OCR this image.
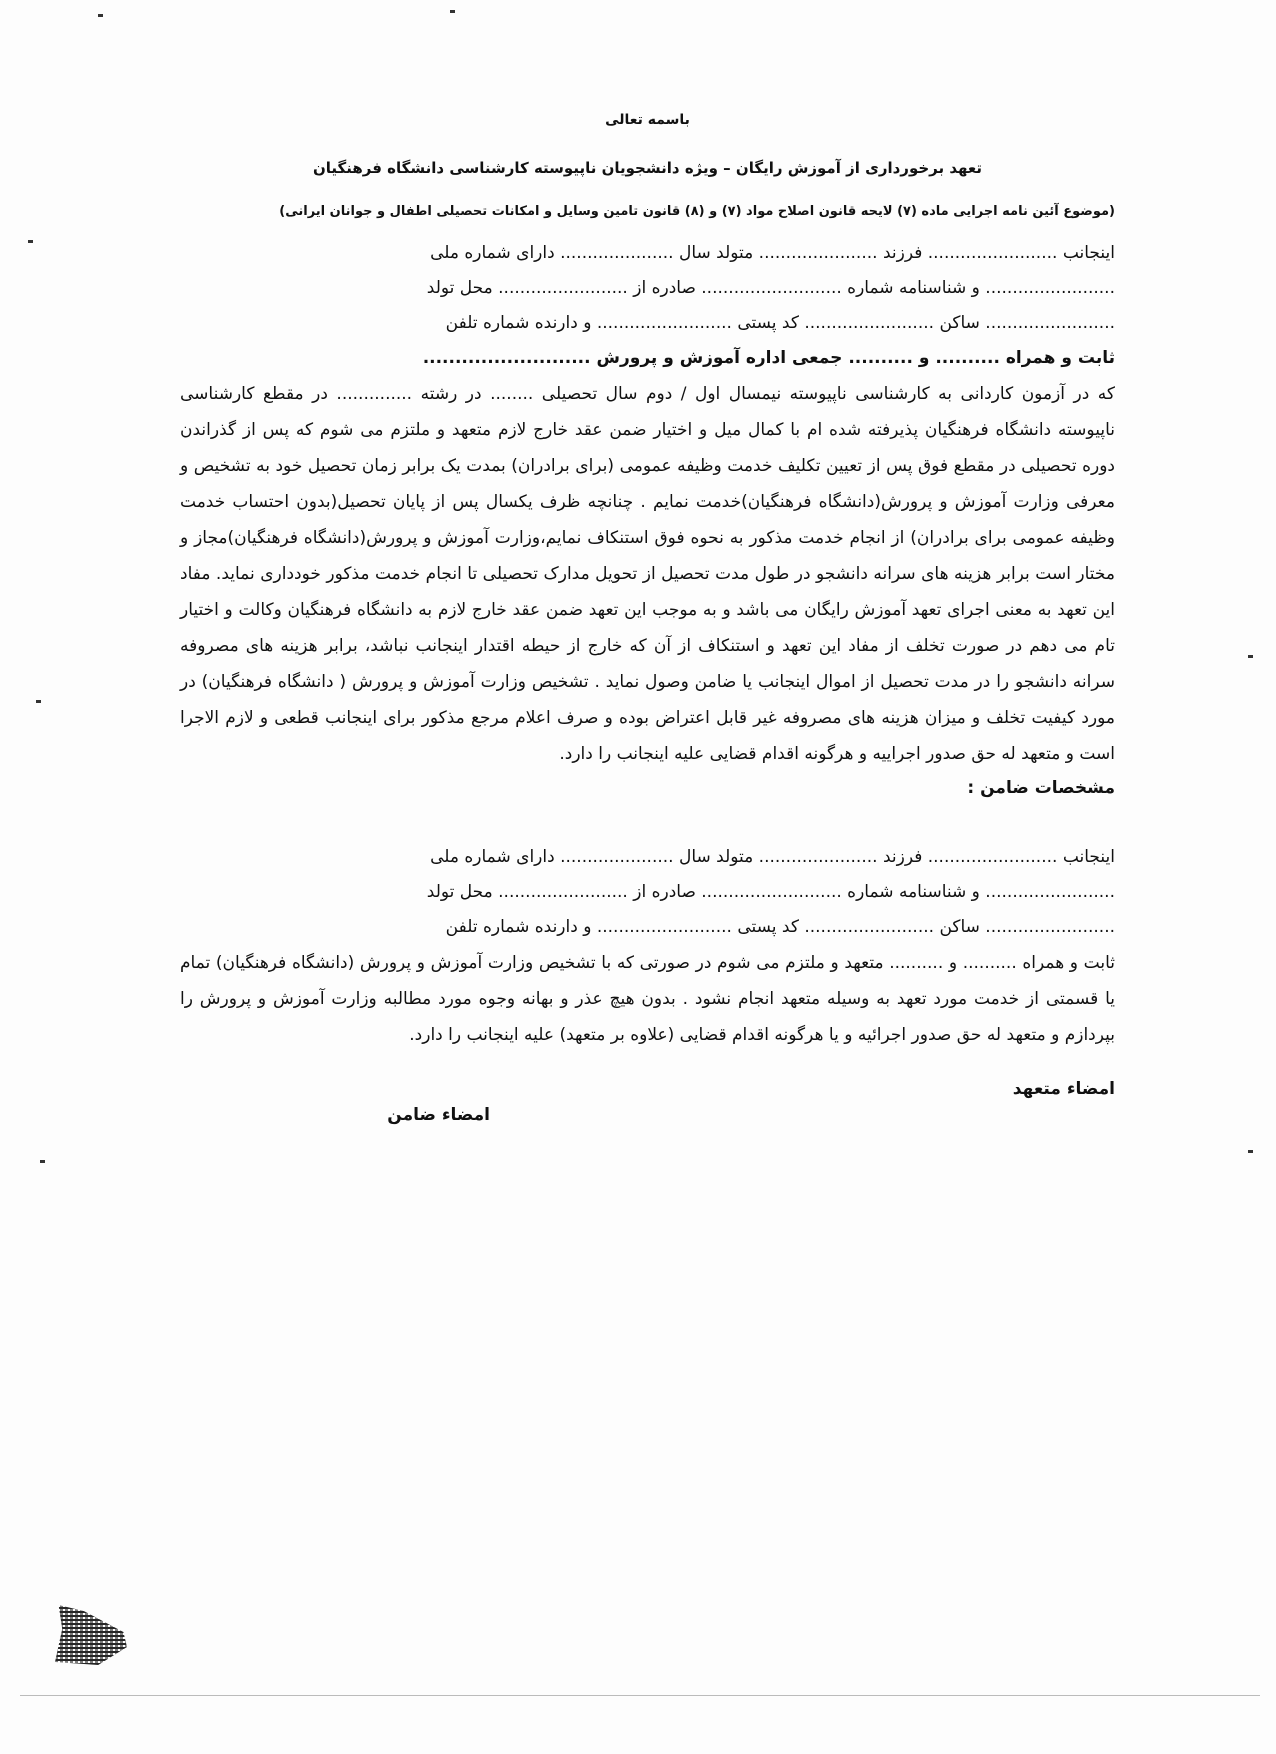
باسمه تعالی
تعهد برخورداری از آموزش رایگان – ویژه دانشجویان ناپیوسته کارشناسی دانشگاه فرهنگیان
(موضوع آئین نامه اجرایی ماده (۷) لایحه قانون اصلاح مواد (۷) و (۸) قانون تامین وسایل و امکانات تحصیلی اطفال و جوانان ایرانی)
اینجانب ........................ فرزند ...................... متولد سال ..................... دارای شماره ملی
........................ و شناسنامه شماره .......................... صادره از ........................ محل تولد
........................ ساکن ........................ کد پستی ......................... و دارنده شماره تلفن
ثابت و همراه .......... و .......... جمعی اداره آموزش و پرورش ..........................
که در آزمون کاردانی به کارشناسی ناپیوسته نیمسال اول / دوم سال تحصیلی ........ در رشته .............. در مقطع کارشناسی ناپیوسته دانشگاه فرهنگیان پذیرفته شده ام با کمال میل و اختیار ضمن عقد خارج لازم متعهد و ملتزم می شوم که پس از گذراندن دوره تحصیلی در مقطع فوق پس از تعیین تکلیف خدمت وظیفه عمومی (برای برادران) بمدت یک برابر زمان تحصیل خود به تشخیص و معرفی وزارت آموزش و پرورش(دانشگاه فرهنگیان)خدمت نمایم . چنانچه ظرف یکسال پس از پایان تحصیل(بدون احتساب خدمت وظیفه عمومی برای برادران) از انجام خدمت مذکور به نحوه فوق استنکاف نمایم،وزارت آموزش و پرورش(دانشگاه فرهنگیان)مجاز و مختار است برابر هزینه های سرانه دانشجو در طول مدت تحصیل از تحویل مدارک تحصیلی تا انجام خدمت مذکور خودداری نماید. مفاد این تعهد به معنی اجرای تعهد آموزش رایگان می باشد و به موجب این تعهد ضمن عقد خارج لازم به دانشگاه فرهنگیان وکالت و اختیار تام می دهم در صورت تخلف از مفاد این تعهد و استنکاف از آن که خارج از حیطه اقتدار اینجانب نباشد، برابر هزینه های مصروفه سرانه دانشجو را در مدت تحصیل از اموال اینجانب یا ضامن وصول نماید . تشخیص وزارت آموزش و پرورش ( دانشگاه فرهنگیان) در مورد کیفیت تخلف و میزان هزینه های مصروفه غیر قابل اعتراض بوده و صرف اعلام مرجع مذکور برای اینجانب قطعی و لازم الاجرا است و متعهد له حق صدور اجراییه و هرگونه اقدام قضایی علیه اینجانب را دارد.
مشخصات ضامن :
اینجانب ........................ فرزند ...................... متولد سال ..................... دارای شماره ملی
........................ و شناسنامه شماره .......................... صادره از ........................ محل تولد
........................ ساکن ........................ کد پستی ......................... و دارنده شماره تلفن
ثابت و همراه .......... و .......... متعهد و ملتزم می شوم در صورتی که با تشخیص وزارت آموزش و پرورش (دانشگاه فرهنگیان) تمام یا قسمتی از خدمت مورد تعهد به وسیله متعهد انجام نشود . بدون هیچ عذر و بهانه وجوه مورد مطالبه وزارت آموزش و پرورش را بپردازم و متعهد له حق صدور اجرائیه و یا هرگونه اقدام قضایی (علاوه بر متعهد) علیه اینجانب را دارد.
امضاء متعهد
امضاء ضامن
